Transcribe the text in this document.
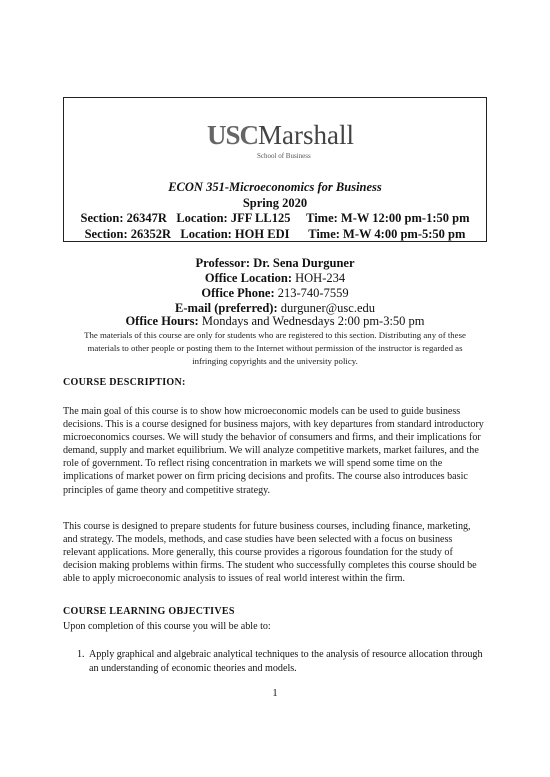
USCMarshall
School of Business
ECON 351-Microeconomics for Business
Spring 2020
Section: 26347R Location: JFF LL125 Time: M-W 12:00 pm-1:50 pm
Section: 26352R Location: HOH EDI Time: M-W 4:00 pm-5:50 pm
Professor: Dr. Sena Durguner
Office Location: HOH-234
Office Phone: 213-740-7559
E-mail (preferred): durguner@usc.edu
Office Hours: Mondays and Wednesdays 2:00 pm-3:50 pm
The materials of this course are only for students who are registered to this section. Distributing any of these materials to other people or posting them to the Internet without permission of the instructor is regarded as infringing copyrights and the university policy.
COURSE DESCRIPTION:
The main goal of this course is to show how microeconomic models can be used to guide business decisions. This is a course designed for business majors, with key departures from standard introductory microeconomics courses. We will study the behavior of consumers and firms, and their implications for demand, supply and market equilibrium. We will analyze competitive markets, market failures, and the role of government. To reflect rising concentration in markets we will spend some time on the implications of market power on firm pricing decisions and profits. The course also introduces basic principles of game theory and competitive strategy.
This course is designed to prepare students for future business courses, including finance, marketing, and strategy. The models, methods, and case studies have been selected with a focus on business relevant applications. More generally, this course provides a rigorous foundation for the study of decision making problems within firms. The student who successfully completes this course should be able to apply microeconomic analysis to issues of real world interest within the firm.
COURSE LEARNING OBJECTIVES
Upon completion of this course you will be able to:
1. Apply graphical and algebraic analytical techniques to the analysis of resource allocation through an understanding of economic theories and models.
1
